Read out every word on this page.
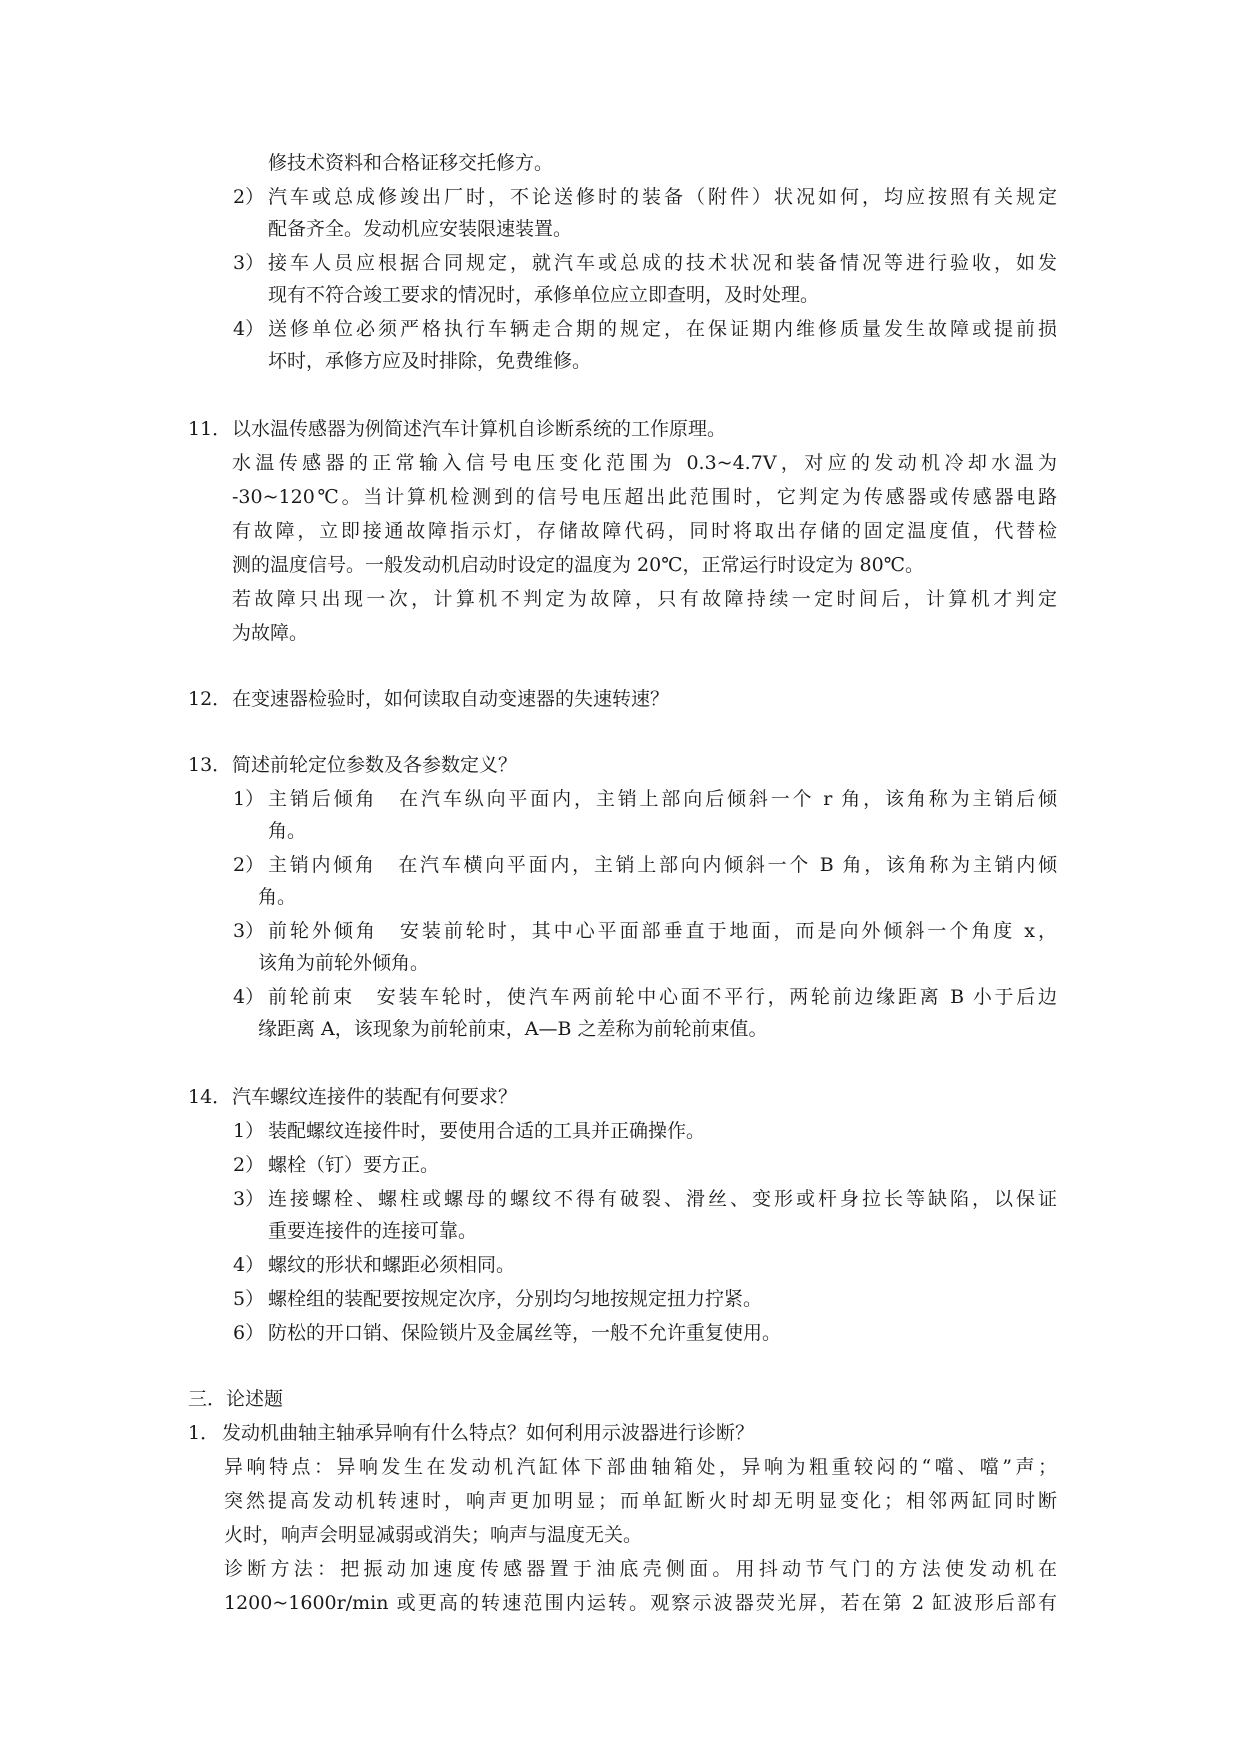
修技术资料和合格证移交托修方。
2） 汽车或总成修竣出厂时，不论送修时的装备（附件）状况如何，均应按照有关规定
配备齐全。发动机应安装限速装置。
3） 接车人员应根据合同规定，就汽车或总成的技术状况和装备情况等进行验收，如发
现有不符合竣工要求的情况时，承修单位应立即查明，及时处理。
4） 送修单位必须严格执行车辆走合期的规定，在保证期内维修质量发生故障或提前损
坏时，承修方应及时排除，免费维修。
11． 以水温传感器为例简述汽车计算机自诊断系统的工作原理。
水温传感器的正常输入信号电压变化范围为 0.3~4.7V，对应的发动机冷却水温为
-30~120℃。当计算机检测到的信号电压超出此范围时，它判定为传感器或传感器电路
有故障，立即接通故障指示灯，存储故障代码，同时将取出存储的固定温度值，代替检
测的温度信号。一般发动机启动时设定的温度为 20℃，正常运行时设定为 80℃。
若故障只出现一次，计算机不判定为故障，只有故障持续一定时间后，计算机才判定
为故障。
12． 在变速器检验时，如何读取自动变速器的失速转速？
13． 简述前轮定位参数及各参数定义？
1） 主销后倾角　在汽车纵向平面内，主销上部向后倾斜一个 r 角，该角称为主销后倾
角。
2） 主销内倾角　在汽车横向平面内，主销上部向内倾斜一个 B 角，该角称为主销内倾
角。
3） 前轮外倾角　安装前轮时，其中心平面部垂直于地面，而是向外倾斜一个角度 x，
该角为前轮外倾角。
4） 前轮前束　安装车轮时，使汽车两前轮中心面不平行，两轮前边缘距离 B 小于后边
缘距离 A，该现象为前轮前束，A—B 之差称为前轮前束值。
14． 汽车螺纹连接件的装配有何要求？
1） 装配螺纹连接件时，要使用合适的工具并正确操作。
2） 螺栓（钉）要方正。
3） 连接螺栓、螺柱或螺母的螺纹不得有破裂、滑丝、变形或杆身拉长等缺陷，以保证
重要连接件的连接可靠。
4） 螺纹的形状和螺距必须相同。
5） 螺栓组的装配要按规定次序，分别均匀地按规定扭力拧紧。
6） 防松的开口销、保险锁片及金属丝等，一般不允许重复使用。
三．论述题
1． 发动机曲轴主轴承异响有什么特点？如何利用示波器进行诊断？
异响特点：异响发生在发动机汽缸体下部曲轴箱处，异响为粗重较闷的“噹、噹”声；
突然提高发动机转速时，响声更加明显；而单缸断火时却无明显变化；相邻两缸同时断
火时，响声会明显减弱或消失；响声与温度无关。
诊断方法：把振动加速度传感器置于油底壳侧面。用抖动节气门的方法使发动机在
1200~1600r/min 或更高的转速范围内运转。观察示波器荧光屏，若在第 2 缸波形后部有
